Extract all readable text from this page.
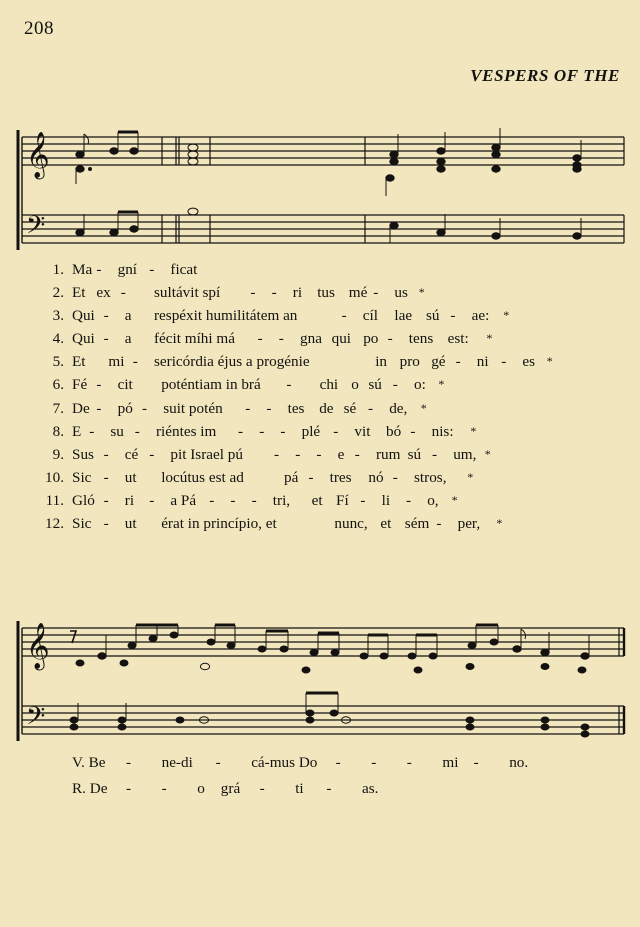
208
VESPERS OF THE
𝄞
𝄢
1. Ma - gní - ficat
2. Et ex - sultávit spí - - ri tus mé - us *
3. Qui - a respéxit humilitátem an	- cíl lae sú - ae: *
4. Qui - a fécit míhi má - - gna qui po - tens est: *
5. Et mi - sericórdia éjus a progénie	in pro gé - ni - es *
6. Fé - cit poténtiam in brá - chi o sú - o: *
7. De - pó - suit potén - - tes de sé - de, *
8. E - su - riéntes im - - - plé - vit bó - nis: *
9. Sus - cé - pit Israel pú - - - e - rum sú - um, *
10. Sic - ut locútus est ad	pá - tres nó - stros, *
11. Gló - ri - a Pá - - - tri, et Fí - li - o, *
12. Sic - ut érat in princípio, et	nunc, et sém - per, *
𝄞
𝄢
V. Be - ne-di - cá-mus Do - - - mi - no.
R. De - - o grá - ti - as.
